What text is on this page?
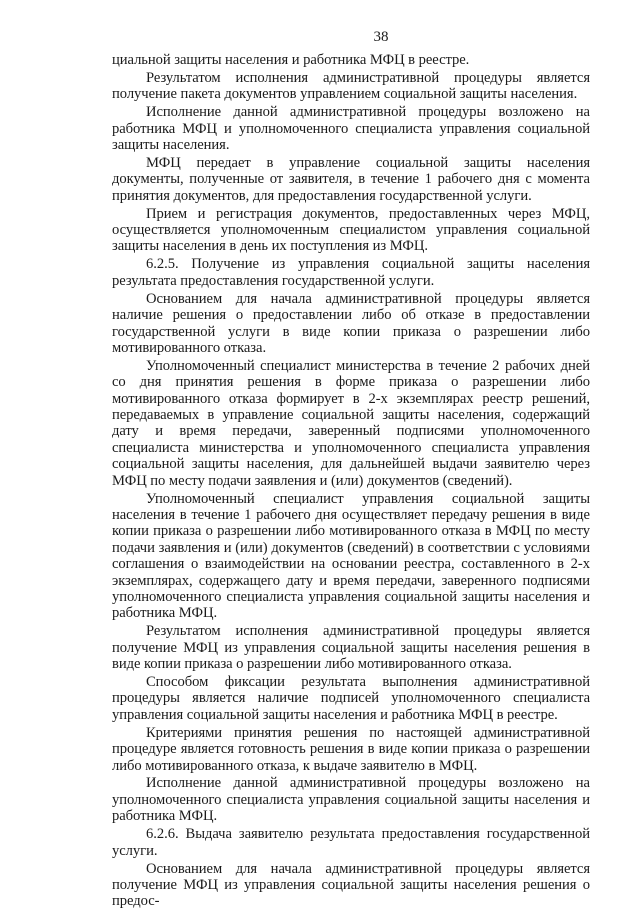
38

циальной защиты населения и работника МФЦ в реестре.

Результатом исполнения административной процедуры является получение пакета документов управлением социальной защиты населения.

Исполнение данной административной процедуры возложено на работника МФЦ и уполномоченного специалиста управления социальной защиты населения.

МФЦ передает в управление социальной защиты населения документы, полученные от заявителя, в течение 1 рабочего дня с момента принятия документов, для предоставления государственной услуги.

Прием и регистрация документов, предоставленных через МФЦ, осуществляется уполномоченным специалистом управления социальной защиты населения в день их поступления из МФЦ.

6.2.5. Получение из управления социальной защиты населения результата предоставления государственной услуги.

Основанием для начала административной процедуры является наличие решения о предоставлении либо об отказе в предоставлении государственной услуги в виде копии приказа о разрешении либо мотивированного отказа.

Уполномоченный специалист министерства в течение 2 рабочих дней со дня принятия решения в форме приказа о разрешении либо мотивированного отказа формирует в 2-х экземплярах реестр решений, передаваемых в управление социальной защиты населения, содержащий дату и время передачи, заверенный подписями уполномоченного специалиста министерства и уполномоченного специалиста управления социальной защиты населения, для дальнейшей выдачи заявителю через МФЦ по месту подачи заявления и (или) документов (сведений).

Уполномоченный специалист управления социальной защиты населения в течение 1 рабочего дня осуществляет передачу решения в виде копии приказа о разрешении либо мотивированного отказа в МФЦ по месту подачи заявления и (или) документов (сведений) в соответствии с условиями соглашения о взаимодействии на основании реестра, составленного в 2-х экземплярах, содержащего дату и время передачи, заверенного подписями уполномоченного специалиста управления социальной защиты населения и работника МФЦ.

Результатом исполнения административной процедуры является получение МФЦ из управления социальной защиты населения решения в виде копии приказа о разрешении либо мотивированного отказа.

Способом фиксации результата выполнения административной процедуры является наличие подписей уполномоченного специалиста управления социальной защиты населения и работника МФЦ в реестре.

Критериями принятия решения по настоящей административной процедуре является готовность решения в виде копии приказа о разрешении либо мотивированного отказа, к выдаче заявителю в МФЦ.

Исполнение данной административной процедуры возложено на уполномоченного специалиста управления социальной защиты населения и работника МФЦ.

6.2.6. Выдача заявителю результата предоставления государственной услуги.

Основанием для начала административной процедуры является получение МФЦ из управления социальной защиты населения решения о предос-
